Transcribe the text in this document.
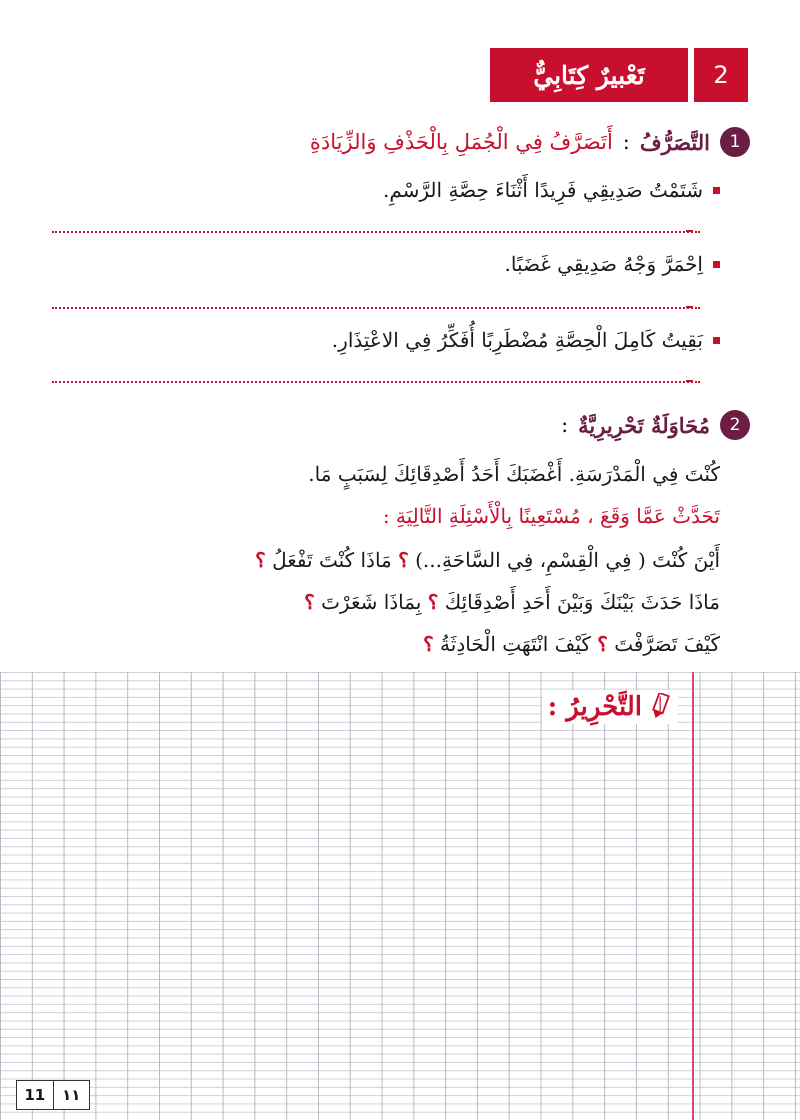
2
تَعْبيرٌ كِتَابِيٌّ
1
التَّصَرُّفُ
:
أَتَصَرَّفُ فِي الْجُمَلِ بِالْحَذْفِ وَالزِّيَادَةِ
شَتَمْتُ صَدِيقِي فَرِيدًا أَثْنَاءَ حِصَّةِ الرَّسْمِ.
اِحْمَرَّ وَجْهُ صَدِيقِي غَضَبًا.
بَقِيتُ كَامِلَ الْحِصَّةِ مُضْطَرِبًا أُفَكِّرُ فِي الاعْتِذَارِ.
2
مُحَاوَلَةٌ تَحْرِيرِيَّةٌ
:
كُنْتَ فِي الْمَدْرَسَةِ. أَغْضَبَكَ أَحَدُ أَصْدِقَائِكَ لِسَبَبٍ مَا.
تَحَدَّثْ عَمَّا وَقَعَ ، مُسْتَعِينًا بِالْأَسْئِلَةِ التَّالِيَةِ :
أَيْنَ كُنْتَ ( فِي الْقِسْمِ، فِي السَّاحَةِ...) ؟ مَاذَا كُنْتَ تَفْعَلُ ؟
مَاذَا حَدَثَ بَيْنَكَ وَبَيْنَ أَحَدِ أَصْدِقَائِكَ ؟ بِمَاذَا شَعَرْتَ ؟
كَيْفَ تَصَرَّفْتَ ؟ كَيْفَ انْتَهَتِ الْحَادِثَةُ ؟
التَّحْرِيرُ :
11	١١
